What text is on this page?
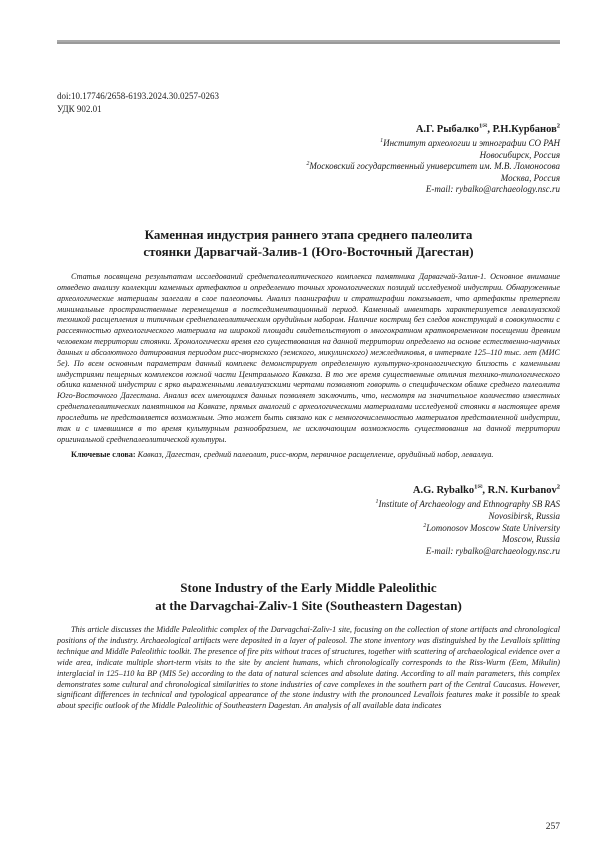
doi:10.17746/2658-6193.2024.30.0257-0263
УДК 902.01
А.Г. Рыбалко$^{1✉}$, Р.Н.Курбанов$^2$
$^1$Институт археологии и этнографии СО РАН
Новосибирск, Россия
$^2$Московский государственный университет им. М.В. Ломоносова
Москва, Россия
E-mail: rybalko@archaeology.nsc.ru
Каменная индустрия раннего этапа среднего палеолита
стоянки Дарвагчай-Залив-1 (Юго-Восточный Дагестан)

Статья посвящена результатам исследований среднепалеолитического комплекса памятника Дарвагчай-Залив-1. Основное внимание отведено анализу коллекции каменных артефактов и определению точных хронологических позиций исследуемой индустрии. Обнаруженные археологические материалы залегали в слое палеопочвы. Анализ планиграфии и стратиграфии показывает, что артефакты претерпели минимальные пространственные перемещения в постседиментационный период. Каменный инвентарь характеризуется леваллуазской техникой расщепления и типичным среднепалеолитическим орудийным набором. Наличие кострищ без следов конструкций в совокупности с рассеянностью археологического материала на широкой площади свидетельствуют о многократном кратковременном посещении древним человеком территории стоянки. Хронологически время его существования на данной территории определено на основе естественно-научных данных и абсолютного датирования периодом рисс-вюрмского (эемского, микулинского) межледниковья, в интервале 125–110 тыс. лет (МИС 5е). По всем основным параметрам данный комплекс демонстрирует определенную культурно-хронологическую близость с каменными индустриями пещерных комплексов южной части Центрального Кавказа. В то же время существенные отличия технико-типологического облика каменной индустрии с ярко выраженными леваллуазскими чертами позволяют говорить о специфическом облике среднего палеолита Юго-Восточного Дагестана. Анализ всех имеющихся данных позволяет заключить, что, несмотря на значительное количество известных среднепалеолитических памятников на Кавказе, прямых аналогий с археологическими материалами исследуемой стоянки в настоящее время проследить не представляется возможным. Это может быть связано как с немногочисленностью материалов представленной индустрии, так и с имевшимся в то время культурным разнообразием, не исключающим возможность существования на данной территории оригинальной среднепалеолитической культуры.

Ключевые слова: Кавказ, Дагестан, средний палеолит, рисс-вюрм, первичное расщепление, орудийный набор, леваллуа.

A.G. Rybalko$^{1✉}$, R.N. Kurbanov$^2$
$^1$Institute of Archaeology and Ethnography SB RAS
Novosibirsk, Russia
$^2$Lomonosov Moscow State University
Moscow, Russia
E-mail: rybalko@archaeology.nsc.ru
Stone Industry of the Early Middle Paleolithic
at the Darvagchai-Zaliv-1 Site (Southeastern Dagestan)

This article discusses the Middle Paleolithic complex of the Darvagchai-Zaliv-1 site, focusing on the collection of stone artifacts and chronological positions of the industry. Archaeological artifacts were deposited in a layer of paleosol. The stone inventory was distinguished by the Levallois splitting technique and Middle Paleolithic toolkit. The presence of fire pits without traces of structures, together with scattering of archaeological evidence over a wide area, indicate multiple short-term visits to the site by ancient humans, which chronologically corresponds to the Riss-Wurm (Eem, Mikulin) interglacial in 125–110 ka BP (MIS 5e) according to the data of natural sciences and absolute dating. According to all main parameters, this complex demonstrates some cultural and chronological similarities to stone industries of cave complexes in the southern part of the Central Caucasus. However, significant differences in technical and typological appearance of the stone industry with the pronounced Levallois features make it possible to speak about specific outlook of the Middle Paleolithic of Southeastern Dagestan. An analysis of all available data indicates

257
